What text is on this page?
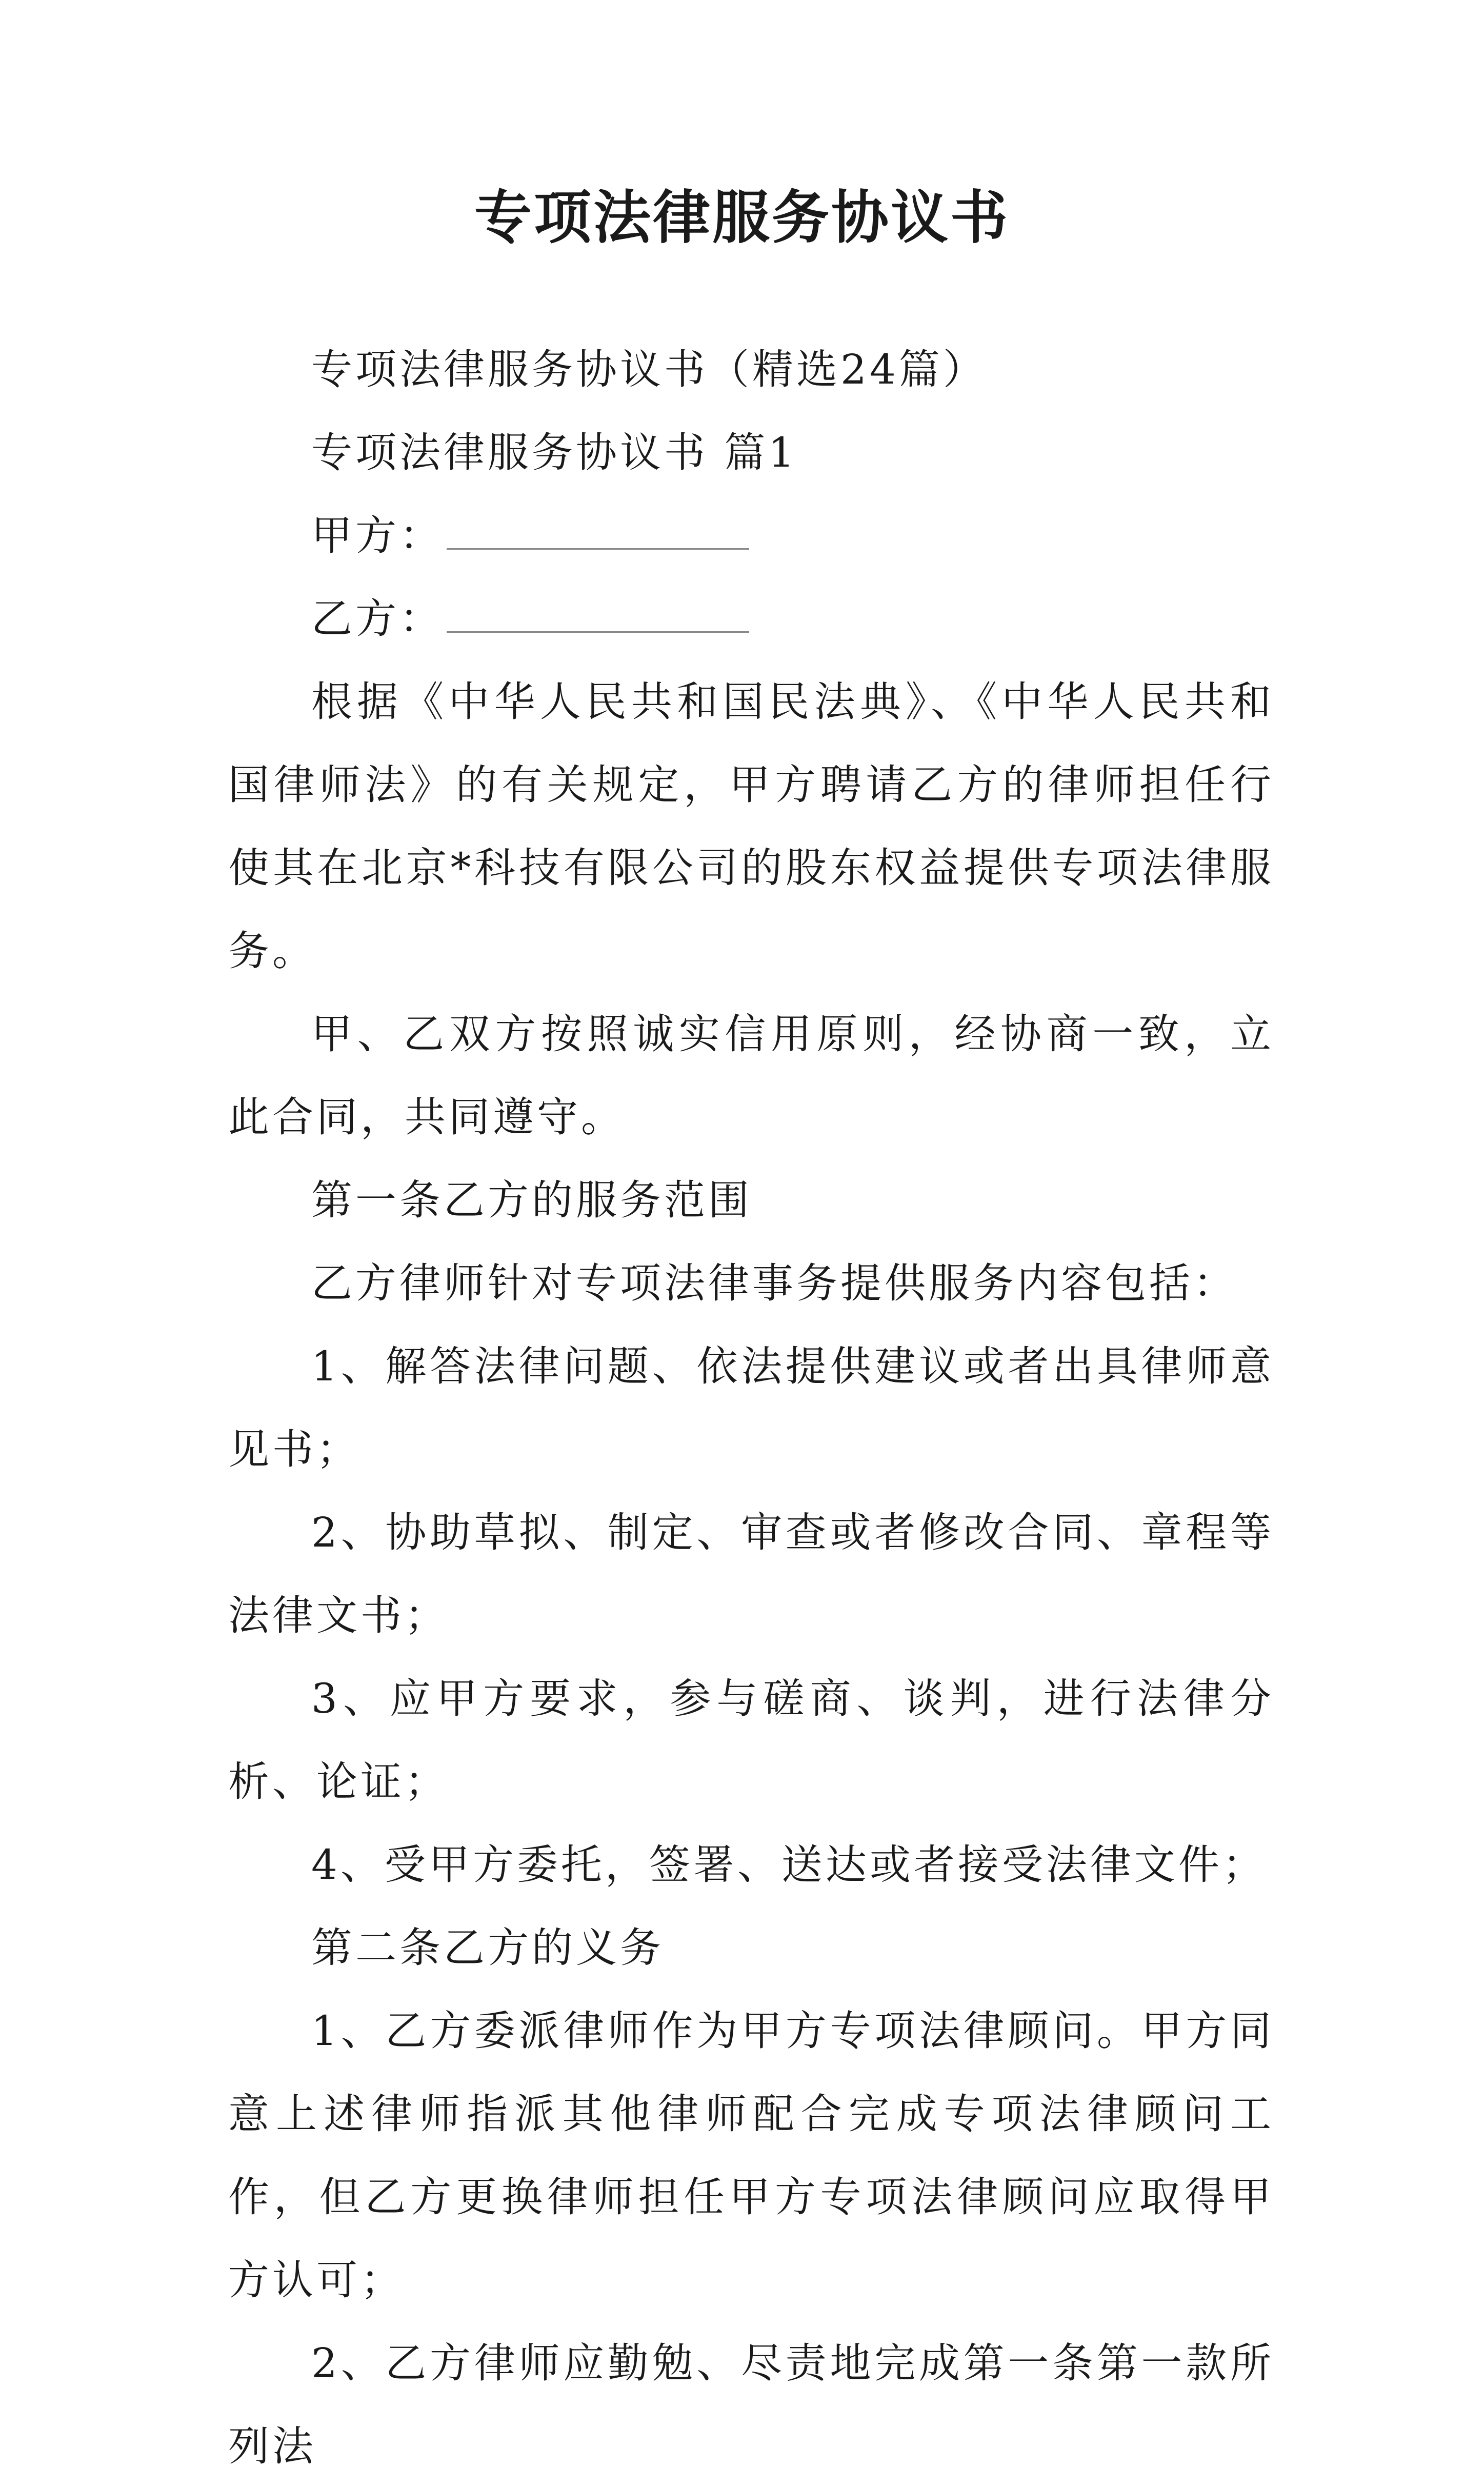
专项法律服务协议书

专项法律服务协议书（精选24篇）

专项法律服务协议书 篇1

甲方：
乙方：

根据《中华人民共和国民法典》、《中华人民共和国律师法》的有关规定，甲方聘请乙方的律师担任行使其在北京*科技有限公司的股东权益提供专项法律服务。

甲、乙双方按照诚实信用原则，经协商一致，立此合同，共同遵守。

第一条乙方的服务范围

乙方律师针对专项法律事务提供服务内容包括：

1、解答法律问题、依法提供建议或者出具律师意见书；

2、协助草拟、制定、审查或者修改合同、章程等法律文书；

3、应甲方要求，参与磋商、谈判，进行法律分析、论证；

4、受甲方委托，签署、送达或者接受法律文件；

第二条乙方的义务

1、乙方委派律师作为甲方专项法律顾问。甲方同意上述律师指派其他律师配合完成专项法律顾问工作，但乙方更换律师担任甲方专项法律顾问应取得甲方认可；

2、乙方律师应勤勉、尽责地完成第一条第一款所列法
